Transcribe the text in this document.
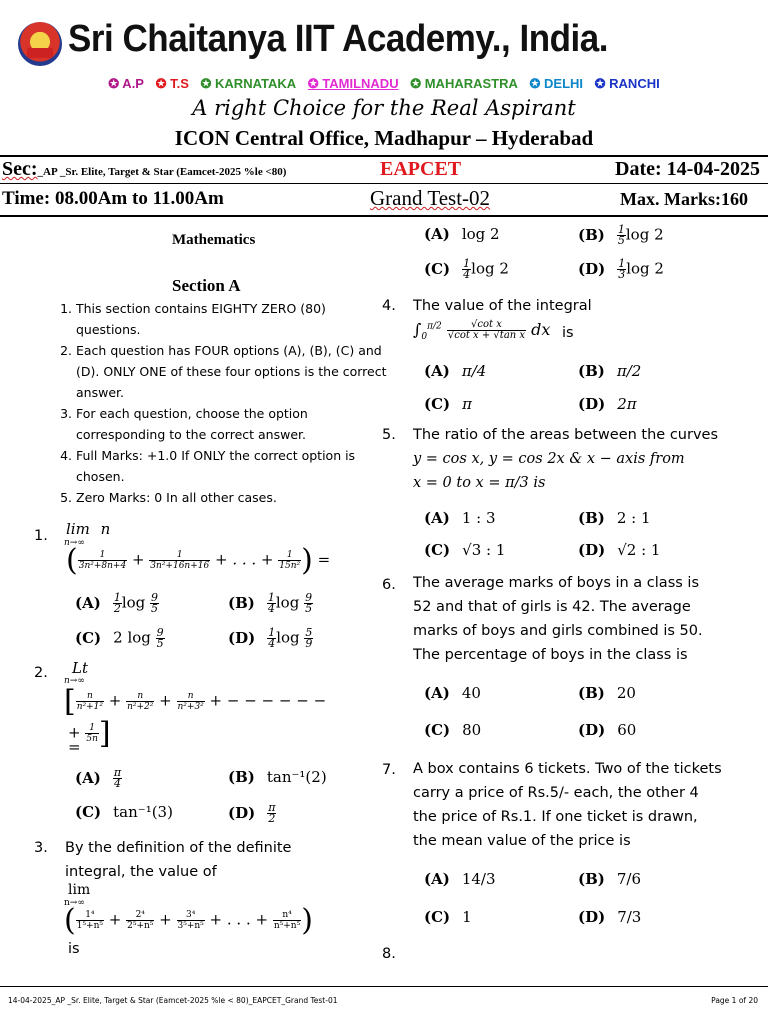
Sri Chaitanya IIT Academy., India.
✪ A.P ✪ T.S ✪ KARNATAKA ✪ TAMILNADU ✪ MAHARASTRA ✪ DELHI ✪ RANCHI
A right Choice for the Real Aspirant
ICON Central Office, Madhapur – Hyderabad
Sec:_AP _Sr. Elite, Target & Star (Eamcet-2025 %le <80)	EAPCET	Date: 14-04-2025
Time: 08.00Am to 11.00Am	Grand Test-02	Max. Marks:160
Mathematics
Section A
1. This section contains EIGHTY ZERO (80) questions.
2. Each question has FOUR options (A), (B), (C) and (D). ONLY ONE of these four options is the correct answer.
3. For each question, choose the option corresponding to the correct answer.
4. Full Marks: +1.0 If ONLY the correct option is chosen.
5. Zero Marks: 0 In all other cases.
1. lim n
n→∞
( $\frac{1}{\text{3n²+8n+4}} + \frac{1}{\text{3n²+16n+16}}$ + . . . + $\frac{1}{\text{15n²}}$ ) =
$(A) \frac{1}{2}$ $\log \frac{9}{5}$	$(B) \frac{1}{4}$ $\log \frac{9}{5}$
(C) 2 $\log \frac{9}{5}$	$(D) \frac{1}{4}$ $\log \frac{5}{9}$
2. Lt
n→∞
[ $\frac{n}{\text{n²+1²}} + \frac{n}{\text{n²+2²}} + \frac{n}{\text{n²+3²}}$ + − − − − − −
+ $\frac{1}{5n}$ ]
=
$(A) \frac{\pi}{4}$	(B) tan⁻¹(2)
(C) tan⁻¹(3)	$(D) \frac{\pi}{2}$
3. By the definition of the definite integral, the value of
lim
n→∞
( $\frac{\text{1⁴}}{\text{1⁵+n⁵}} + \frac{\text{2⁴}}{\text{2⁵+n⁵}} + \frac{\text{3⁴}}{\text{3⁵+n⁵}}$ + . . . + $\frac{\text{n⁴}}{\text{n⁵+n⁵}}$ )
is
(A) log 2	$(B) \frac{1}{5}$ log 2
$(C) \frac{1}{4}$ log 2	$(D) \frac{1}{3}$ log 2
4. The value of the integral
$\int_0^{\pi/2} \frac{\text{√cot x}}{\text{√cot x + √tan x}}$ dx is
(A) π/4	(B) π/2
(C) π	(D) 2π
5. The ratio of the areas between the curves
y = cos x, y = cos 2x & x − axis from
x = 0 to x = π/3 is
(A) 1 : 3	(B) 2 : 1
(C) √3 : 1	(D) √2 : 1
6. The average marks of boys in a class is 52 and that of girls is 42. The average marks of boys and girls combined is 50. The percentage of boys in the class is
(A) 40	(B) 20
(C) 80	(D) 60
7. A box contains 6 tickets. Two of the tickets carry a price of Rs.5/- each, the other 4 the price of Rs.1. If one ticket is drawn, the mean value of the price is
(A) 14/3	(B) 7/6
(C) 1	(D) 7/3
8.
14-04-2025_AP _Sr. Elite, Target & Star (Eamcet-2025 %le < 80)_EAPCET_Grand Test-01	Page 1 of 20
